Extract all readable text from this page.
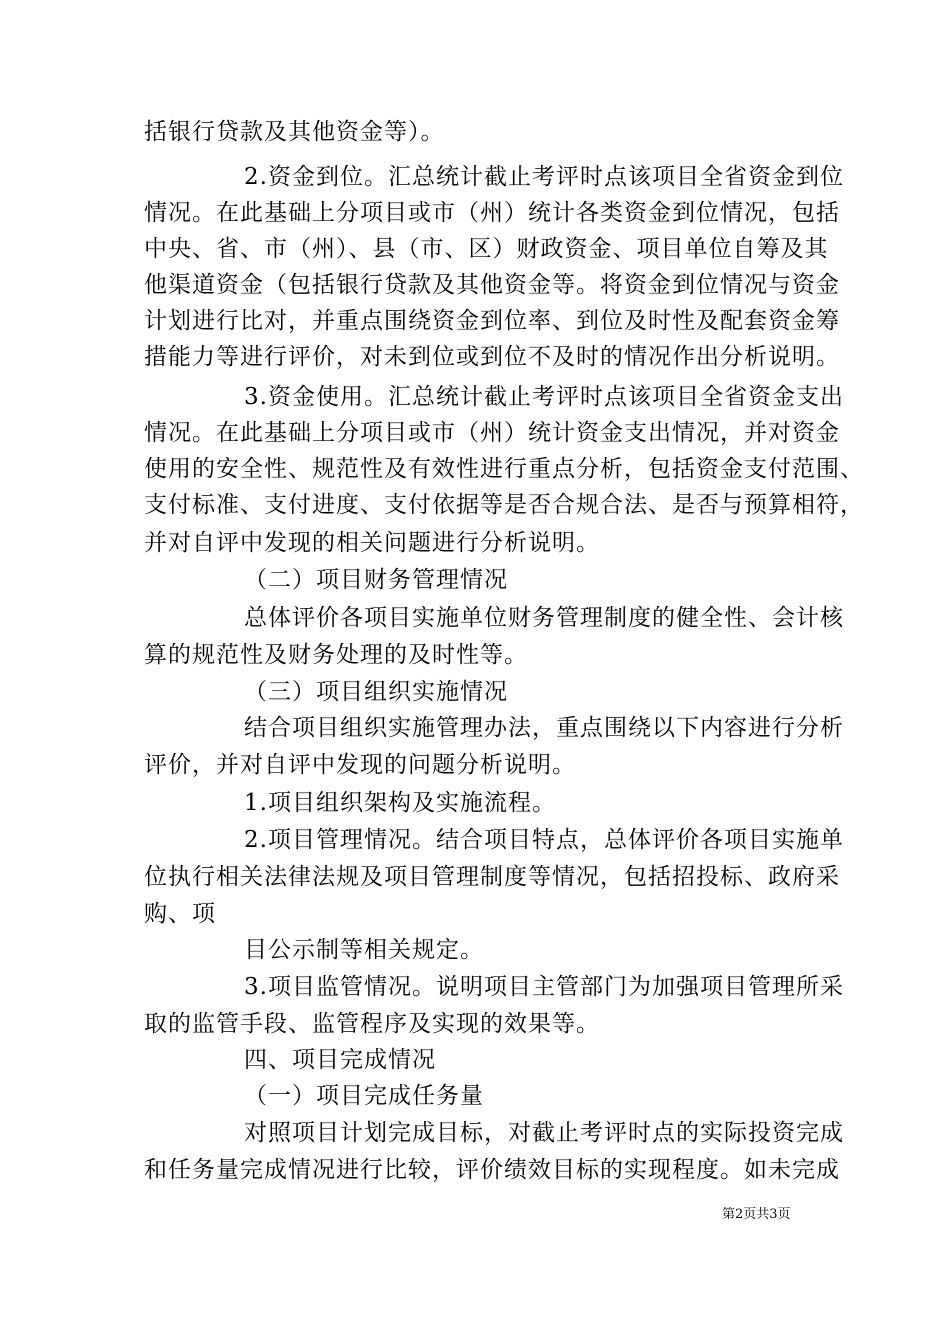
括银行贷款及其他资金等）。
2.资金到位。汇总统计截止考评时点该项目全省资金到位
情况。在此基础上分项目或市（州）统计各类资金到位情况，包括
中央、省、市（州）、县（市、区）财政资金、项目单位自筹及其
他渠道资金（包括银行贷款及其他资金等。将资金到位情况与资金
计划进行比对，并重点围绕资金到位率、到位及时性及配套资金筹
措能力等进行评价，对未到位或到位不及时的情况作出分析说明。
3.资金使用。汇总统计截止考评时点该项目全省资金支出
情况。在此基础上分项目或市（州）统计资金支出情况，并对资金
使用的安全性、规范性及有效性进行重点分析，包括资金支付范围、
支付标准、支付进度、支付依据等是否合规合法、是否与预算相符，
并对自评中发现的相关问题进行分析说明。
（二）项目财务管理情况
总体评价各项目实施单位财务管理制度的健全性、会计核
算的规范性及财务处理的及时性等。
（三）项目组织实施情况
结合项目组织实施管理办法，重点围绕以下内容进行分析
评价，并对自评中发现的问题分析说明。
1.项目组织架构及实施流程。
2.项目管理情况。结合项目特点，总体评价各项目实施单
位执行相关法律法规及项目管理制度等情况，包括招投标、政府采
购、项
目公示制等相关规定。
3.项目监管情况。说明项目主管部门为加强项目管理所采
取的监管手段、监管程序及实现的效果等。
四、项目完成情况
（一）项目完成任务量
对照项目计划完成目标，对截止考评时点的实际投资完成
和任务量完成情况进行比较，评价绩效目标的实现程度。如未完成
第2页共3页
